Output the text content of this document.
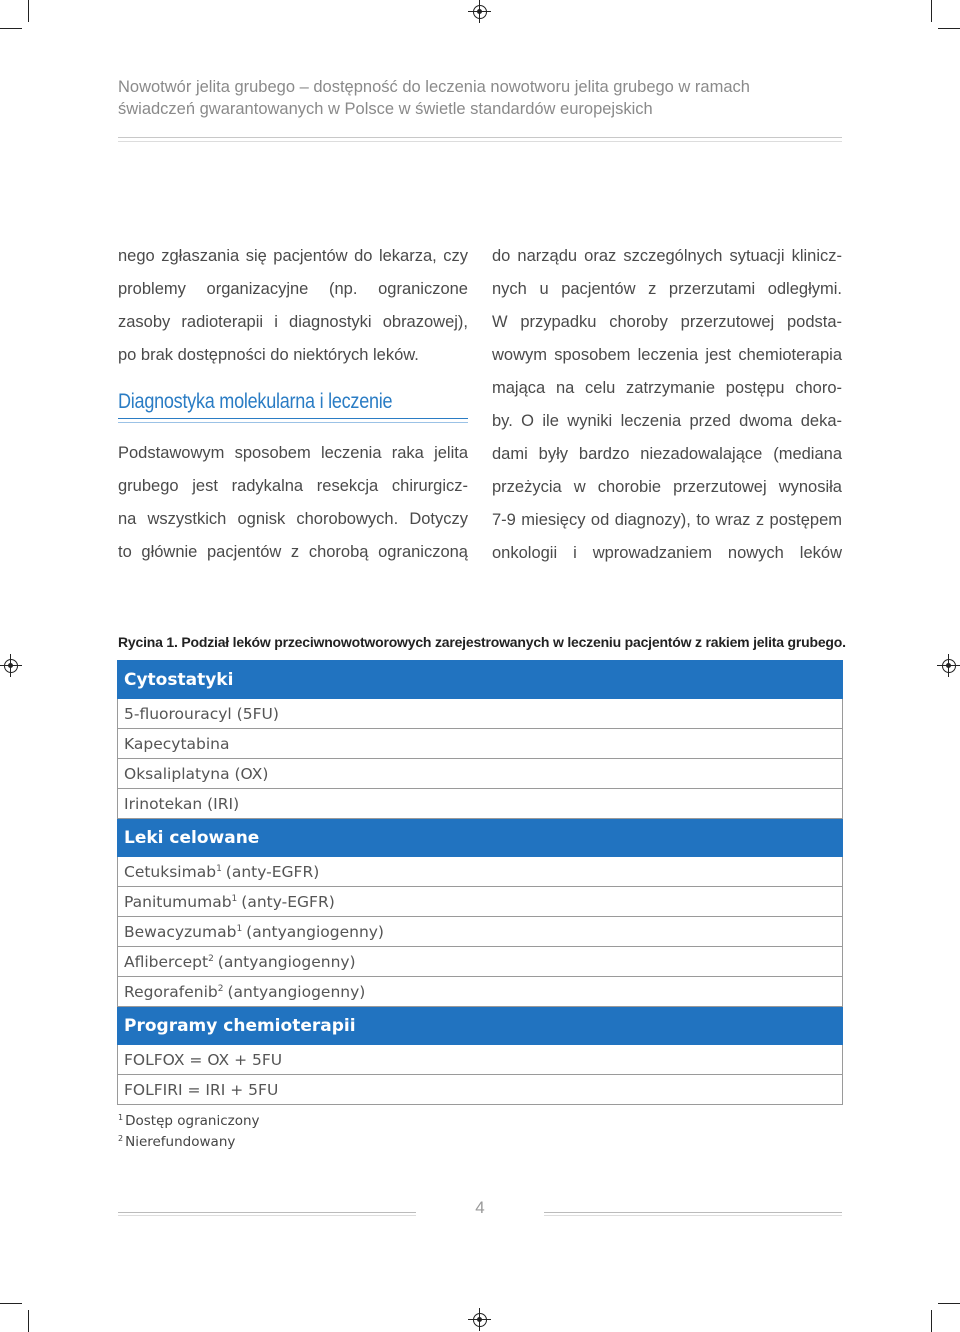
Nowotwór jelita grubego – dostępność do leczenia nowotworu jelita grubego w ramach
świadczeń gwarantowanych w Polsce w świetle standardów europejskich

nego zgłaszania się pacjentów do lekarza, czy

problemy organizacyjne (np. ograniczone

zasoby radioterapii i diagnostyki obrazowej),

po brak dostępności do niektórych leków.

Diagnostyka molekularna i leczenie

Podstawowym sposobem leczenia raka jelita

grubego jest radykalna resekcja chirurgicz-

na wszystkich ognisk chorobowych. Dotyczy

to głównie pacjentów z chorobą ograniczoną

do narządu oraz szczególnych sytuacji klinicz-

nych u pacjentów z przerzutami odległymi.

W przypadku choroby przerzutowej podsta-

wowym sposobem leczenia jest chemioterapia

mająca na celu zatrzymanie postępu choro-

by. O ile wyniki leczenia przed dwoma deka-

dami były bardzo niezadowalające (mediana

przeżycia w chorobie przerzutowej wynosiła

7-9 miesięcy od diagnozy), to wraz z postępem

onkologii i wprowadzaniem nowych leków

Rycina 1. Podział leków przeciwnowotworowych zarejestrowanych w leczeniu pacjentów z rakiem jelita grubego.
Cytostatyki
5-fluorouracyl (5FU)
Kapecytabina
Oksaliplatyna (OX)
Irinotekan (IRI)
Leki celowane
Cetuksimab$^1$ (anty-EGFR)
Panitumumab$^1$ (anty-EGFR)
Bewacyzumab$^1$ (antyangiogenny)
Aflibercept$^2$ (antyangiogenny)
Regorafenib$^2$ (antyangiogenny)
Programy chemioterapii
FOLFOX = OX + 5FU
FOLFIRI = IRI + 5FU
$^1$ Dostęp ograniczony
$^2$ Nierefundowany
4
